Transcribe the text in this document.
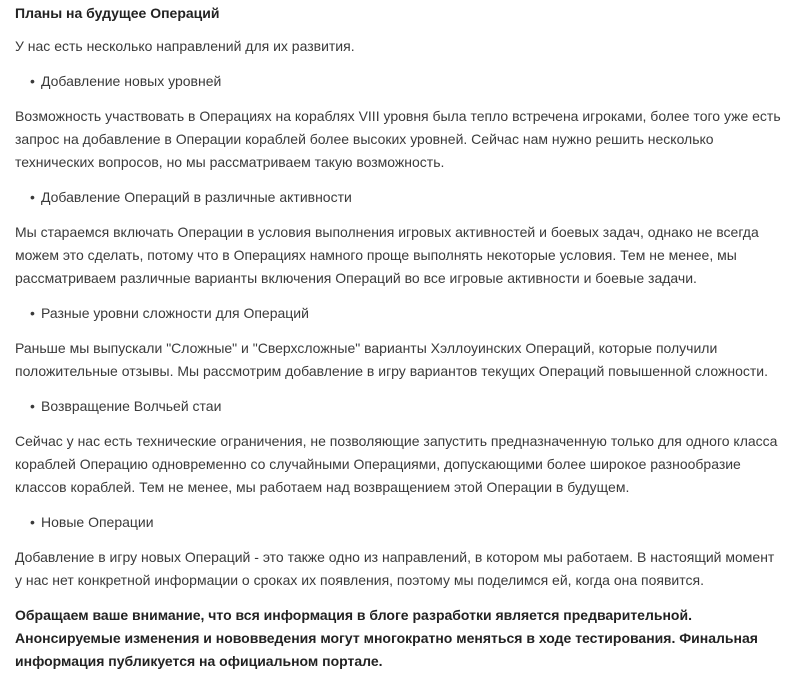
Планы на будущее Операций

У нас есть несколько направлений для их развития.

• Добавление новых уровней

Возможность участвовать в Операциях на кораблях VIII уровня была тепло встречена игроками, более того уже есть запрос на добавление в Операции кораблей более высоких уровней. Сейчас нам нужно решить несколько технических вопросов, но мы рассматриваем такую возможность.

• Добавление Операций в различные активности

Мы стараемся включать Операции в условия выполнения игровых активностей и боевых задач, однако не всегда можем это сделать, потому что в Операциях намного проще выполнять некоторые условия. Тем не менее, мы рассматриваем различные варианты включения Операций во все игровые активности и боевые задачи.

• Разные уровни сложности для Операций

Раньше мы выпускали "Сложные" и "Сверхсложные" варианты Хэллоуинских Операций, которые получили положительные отзывы. Мы рассмотрим добавление в игру вариантов текущих Операций повышенной сложности.

• Возвращение Волчьей стаи

Сейчас у нас есть технические ограничения, не позволяющие запустить предназначенную только для одного класса кораблей Операцию одновременно со случайными Операциями, допускающими более широкое разнообразие классов кораблей. Тем не менее, мы работаем над возвращением этой Операции в будущем.

• Новые Операции

Добавление в игру новых Операций - это также одно из направлений, в котором мы работаем. В настоящий момент у нас нет конкретной информации о сроках их появления, поэтому мы поделимся ей, когда она появится.

Обращаем ваше внимание, что вся информация в блоге разработки является предварительной. Анонсируемые изменения и нововведения могут многократно меняться в ходе тестирования. Финальная информация публикуется на официальном портале.
